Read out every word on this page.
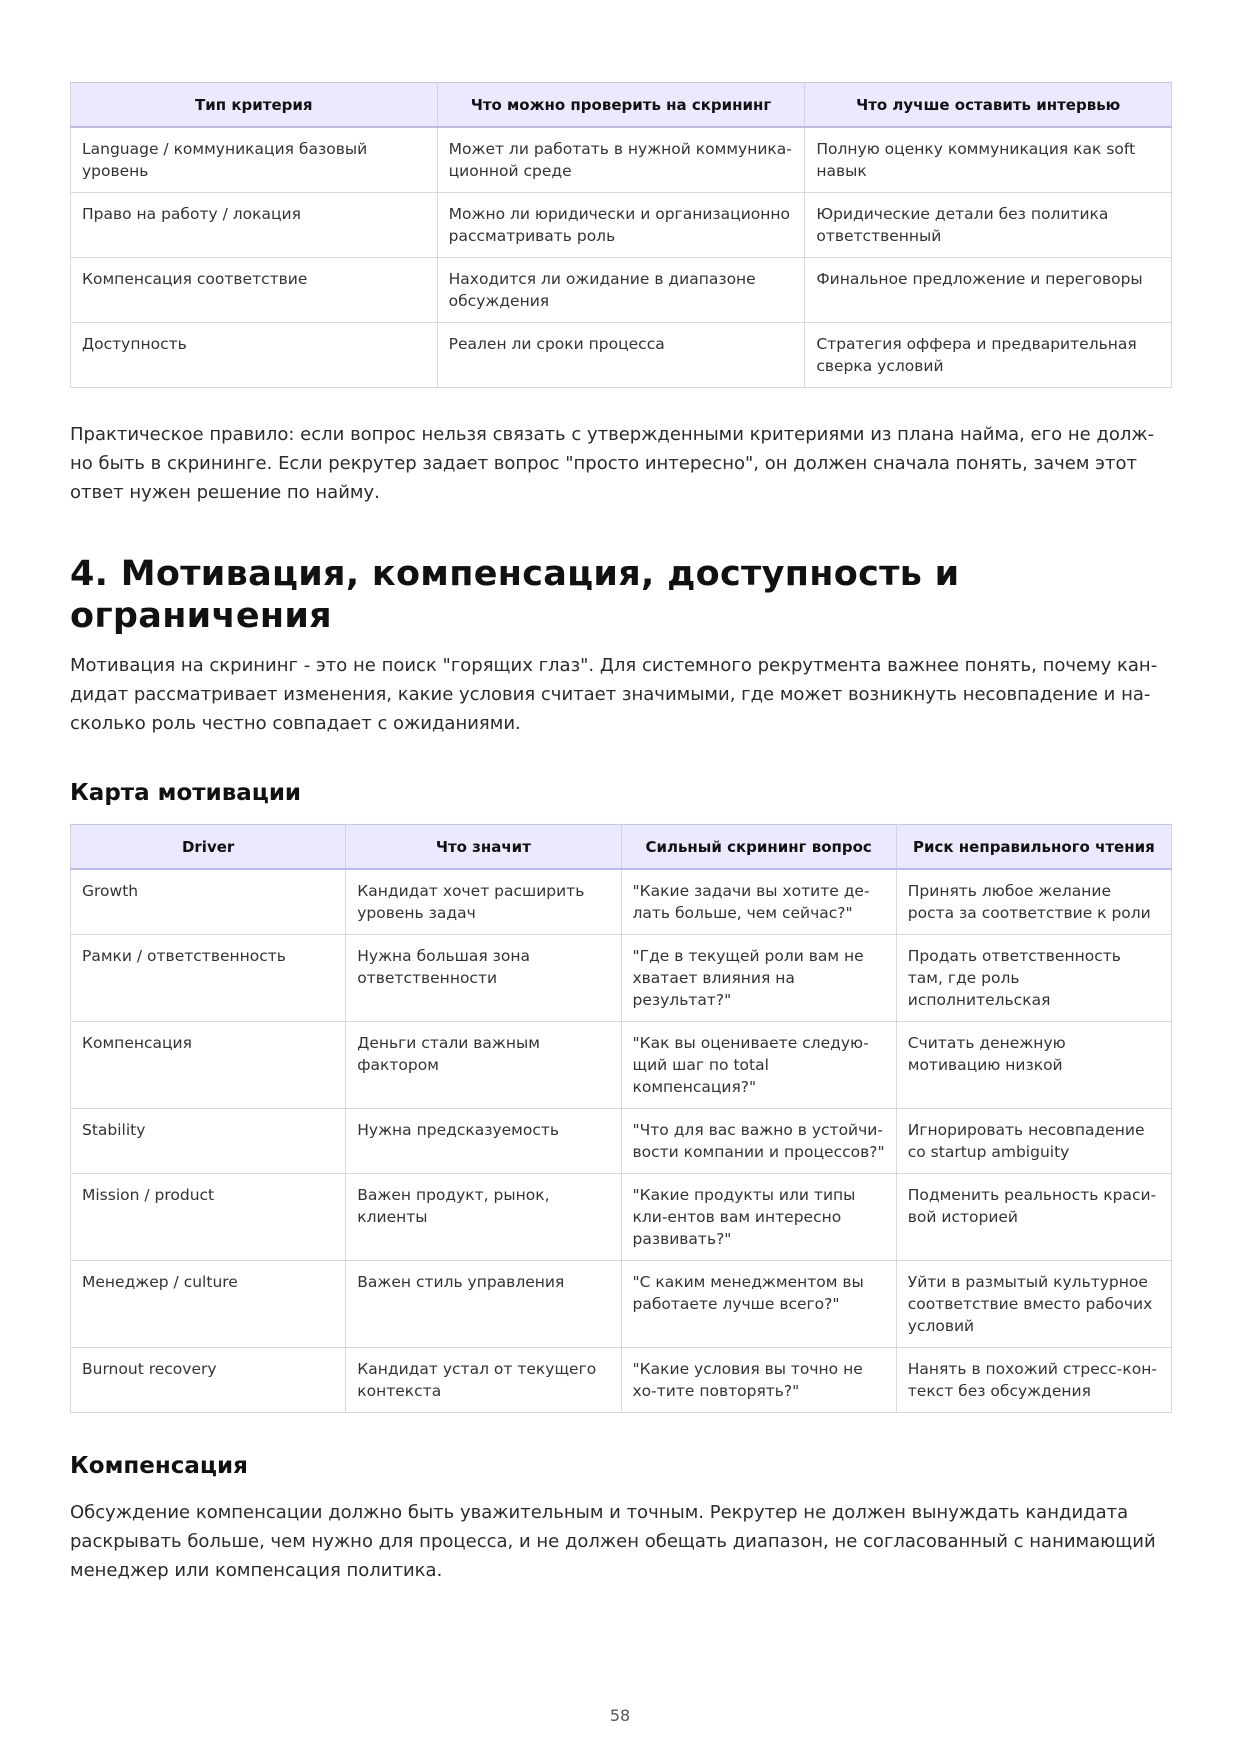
Тип критерия	Что можно проверить на скрининг	Что лучше оставить интервью
Language / коммуникация базовый уровень	Может ли работать в нужной коммуника-ционной среде	Полную оценку коммуникация как soft навык
Право на работу / локация	Можно ли юридически и организационно рассматривать роль	Юридические детали без политика ответственный
Компенсация соответствие	Находится ли ожидание в диапазоне обсуждения	Финальное предложение и переговоры
Доступность	Реален ли сроки процесса	Стратегия оффера и предварительная сверка условий

Практическое правило: если вопрос нельзя связать с утвержденными критериями из плана найма, его не долж-но быть в скрининге. Если рекрутер задает вопрос "просто интересно", он должен сначала понять, зачем этот ответ нужен решение по найму.

4. Мотивация, компенсация, доступность и ограничения

Мотивация на скрининг - это не поиск "горящих глаз". Для системного рекрутмента важнее понять, почему кан-дидат рассматривает изменения, какие условия считает значимыми, где может возникнуть несовпадение и на-сколько роль честно совпадает с ожиданиями.

Карта мотивации
Driver	Что значит	Сильный скрининг вопрос	Риск неправильного чтения
Growth	Кандидат хочет расширить уровень задач	"Какие задачи вы хотите де-лать больше, чем сейчас?"	Принять любое желание роста за соответствие к роли
Рамки / ответственность	Нужна большая зона ответственности	"Где в текущей роли вам не хватает влияния на результат?"	Продать ответственность там, где роль исполнительская
Компенсация	Деньги стали важным фактором	"Как вы оцениваете следую-щий шаг по total компенсация?"	Считать денежную мотивацию низкой
Stability	Нужна предсказуемость	"Что для вас важно в устойчи-вости компании и процессов?"	Игнорировать несовпадение со startup ambiguity
Mission / product	Важен продукт, рынок, клиенты	"Какие продукты или типы кли-ентов вам интересно развивать?"	Подменить реальность краси-вой историей
Менеджер / culture	Важен стиль управления	"С каким менеджментом вы работаете лучше всего?"	Уйти в размытый культурное соответствие вместо рабочих условий
Burnout recovery	Кандидат устал от текущего контекста	"Какие условия вы точно не хо-тите повторять?"	Нанять в похожий стресс-кон-текст без обсуждения
Компенсация

Обсуждение компенсации должно быть уважительным и точным. Рекрутер не должен вынуждать кандидата раскрывать больше, чем нужно для процесса, и не должен обещать диапазон, не согласованный с нанимающий менеджер или компенсация политика.

58
